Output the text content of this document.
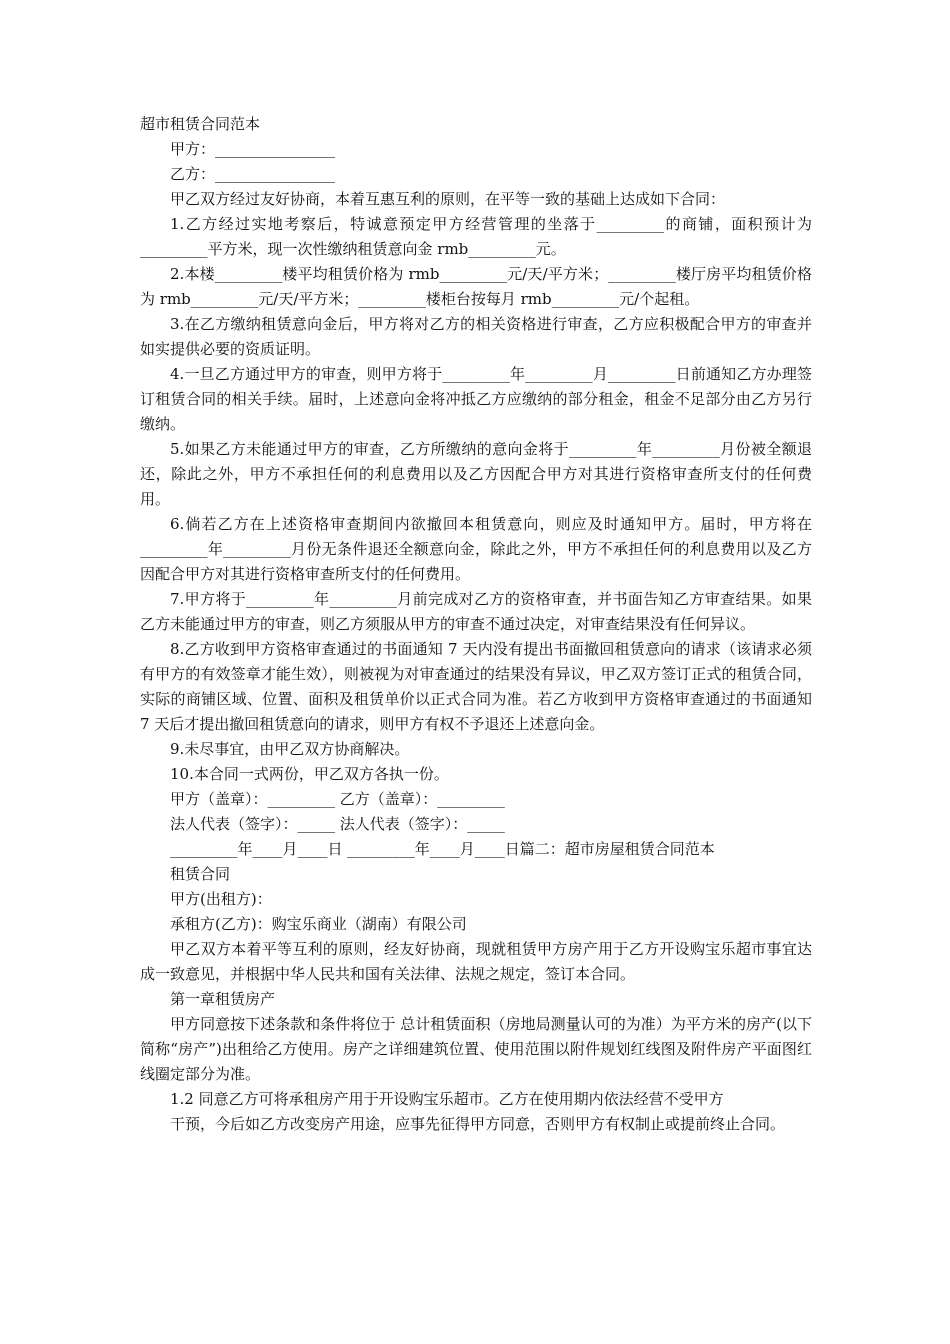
超市租赁合同范本

甲方：________________

乙方：________________

甲乙双方经过友好协商，本着互惠互利的原则，在平等一致的基础上达成如下合同：

1.乙方经过实地考察后，特诚意预定甲方经营管理的坐落于_________的商铺，面积预计为_________平方米，现一次性缴纳租赁意向金 rmb_________元。

2.本楼_________楼平均租赁价格为 rmb_________元/天/平方米；_________楼厅房平均租赁价格为 rmb_________元/天/平方米；_________楼柜台按每月 rmb_________元/个起租。

3.在乙方缴纳租赁意向金后，甲方将对乙方的相关资格进行审查，乙方应积极配合甲方的审查并如实提供必要的资质证明。

4.一旦乙方通过甲方的审查，则甲方将于_________年_________月_________日前通知乙方办理签订租赁合同的相关手续。届时，上述意向金将冲抵乙方应缴纳的部分租金，租金不足部分由乙方另行缴纳。

5.如果乙方未能通过甲方的审查，乙方所缴纳的意向金将于_________年_________月份被全额退还，除此之外，甲方不承担任何的利息费用以及乙方因配合甲方对其进行资格审查所支付的任何费用。

6.倘若乙方在上述资格审查期间内欲撤回本租赁意向，则应及时通知甲方。届时，甲方将在_________年_________月份无条件退还全额意向金，除此之外，甲方不承担任何的利息费用以及乙方因配合甲方对其进行资格审查所支付的任何费用。

7.甲方将于_________年_________月前完成对乙方的资格审查，并书面告知乙方审查结果。如果乙方未能通过甲方的审查，则乙方须服从甲方的审查不通过决定，对审查结果没有任何异议。

8.乙方收到甲方资格审查通过的书面通知 7 天内没有提出书面撤回租赁意向的请求（该请求必须有甲方的有效签章才能生效），则被视为对审查通过的结果没有异议，甲乙双方签订正式的租赁合同，实际的商铺区域、位置、面积及租赁单价以正式合同为准。若乙方收到甲方资格审查通过的书面通知 7 天后才提出撤回租赁意向的请求，则甲方有权不予退还上述意向金。

9.未尽事宜，由甲乙双方协商解决。

10.本合同一式两份，甲乙双方各执一份。

甲方（盖章）：_________ 乙方（盖章）：_________

法人代表（签字）：_____ 法人代表（签字）：_____

_________年____月____日 _________年____月____日篇二：超市房屋租赁合同范本

租赁合同

甲方(出租方)：

承租方(乙方)：购宝乐商业（湖南）有限公司

甲乙双方本着平等互利的原则，经友好协商，现就租赁甲方房产用于乙方开设购宝乐超市事宜达成一致意见，并根据中华人民共和国有关法律、法规之规定，签订本合同。

第一章租赁房产

甲方同意按下述条款和条件将位于 总计租赁面积（房地局测量认可的为准）为平方米的房产(以下简称“房产”)出租给乙方使用。房产之详细建筑位置、使用范围以附件规划红线图及附件房产平面图红线圈定部分为准。

1.2 同意乙方可将承租房产用于开设购宝乐超市。乙方在使用期内依法经营不受甲方

干预，今后如乙方改变房产用途，应事先征得甲方同意，否则甲方有权制止或提前终止合同。
